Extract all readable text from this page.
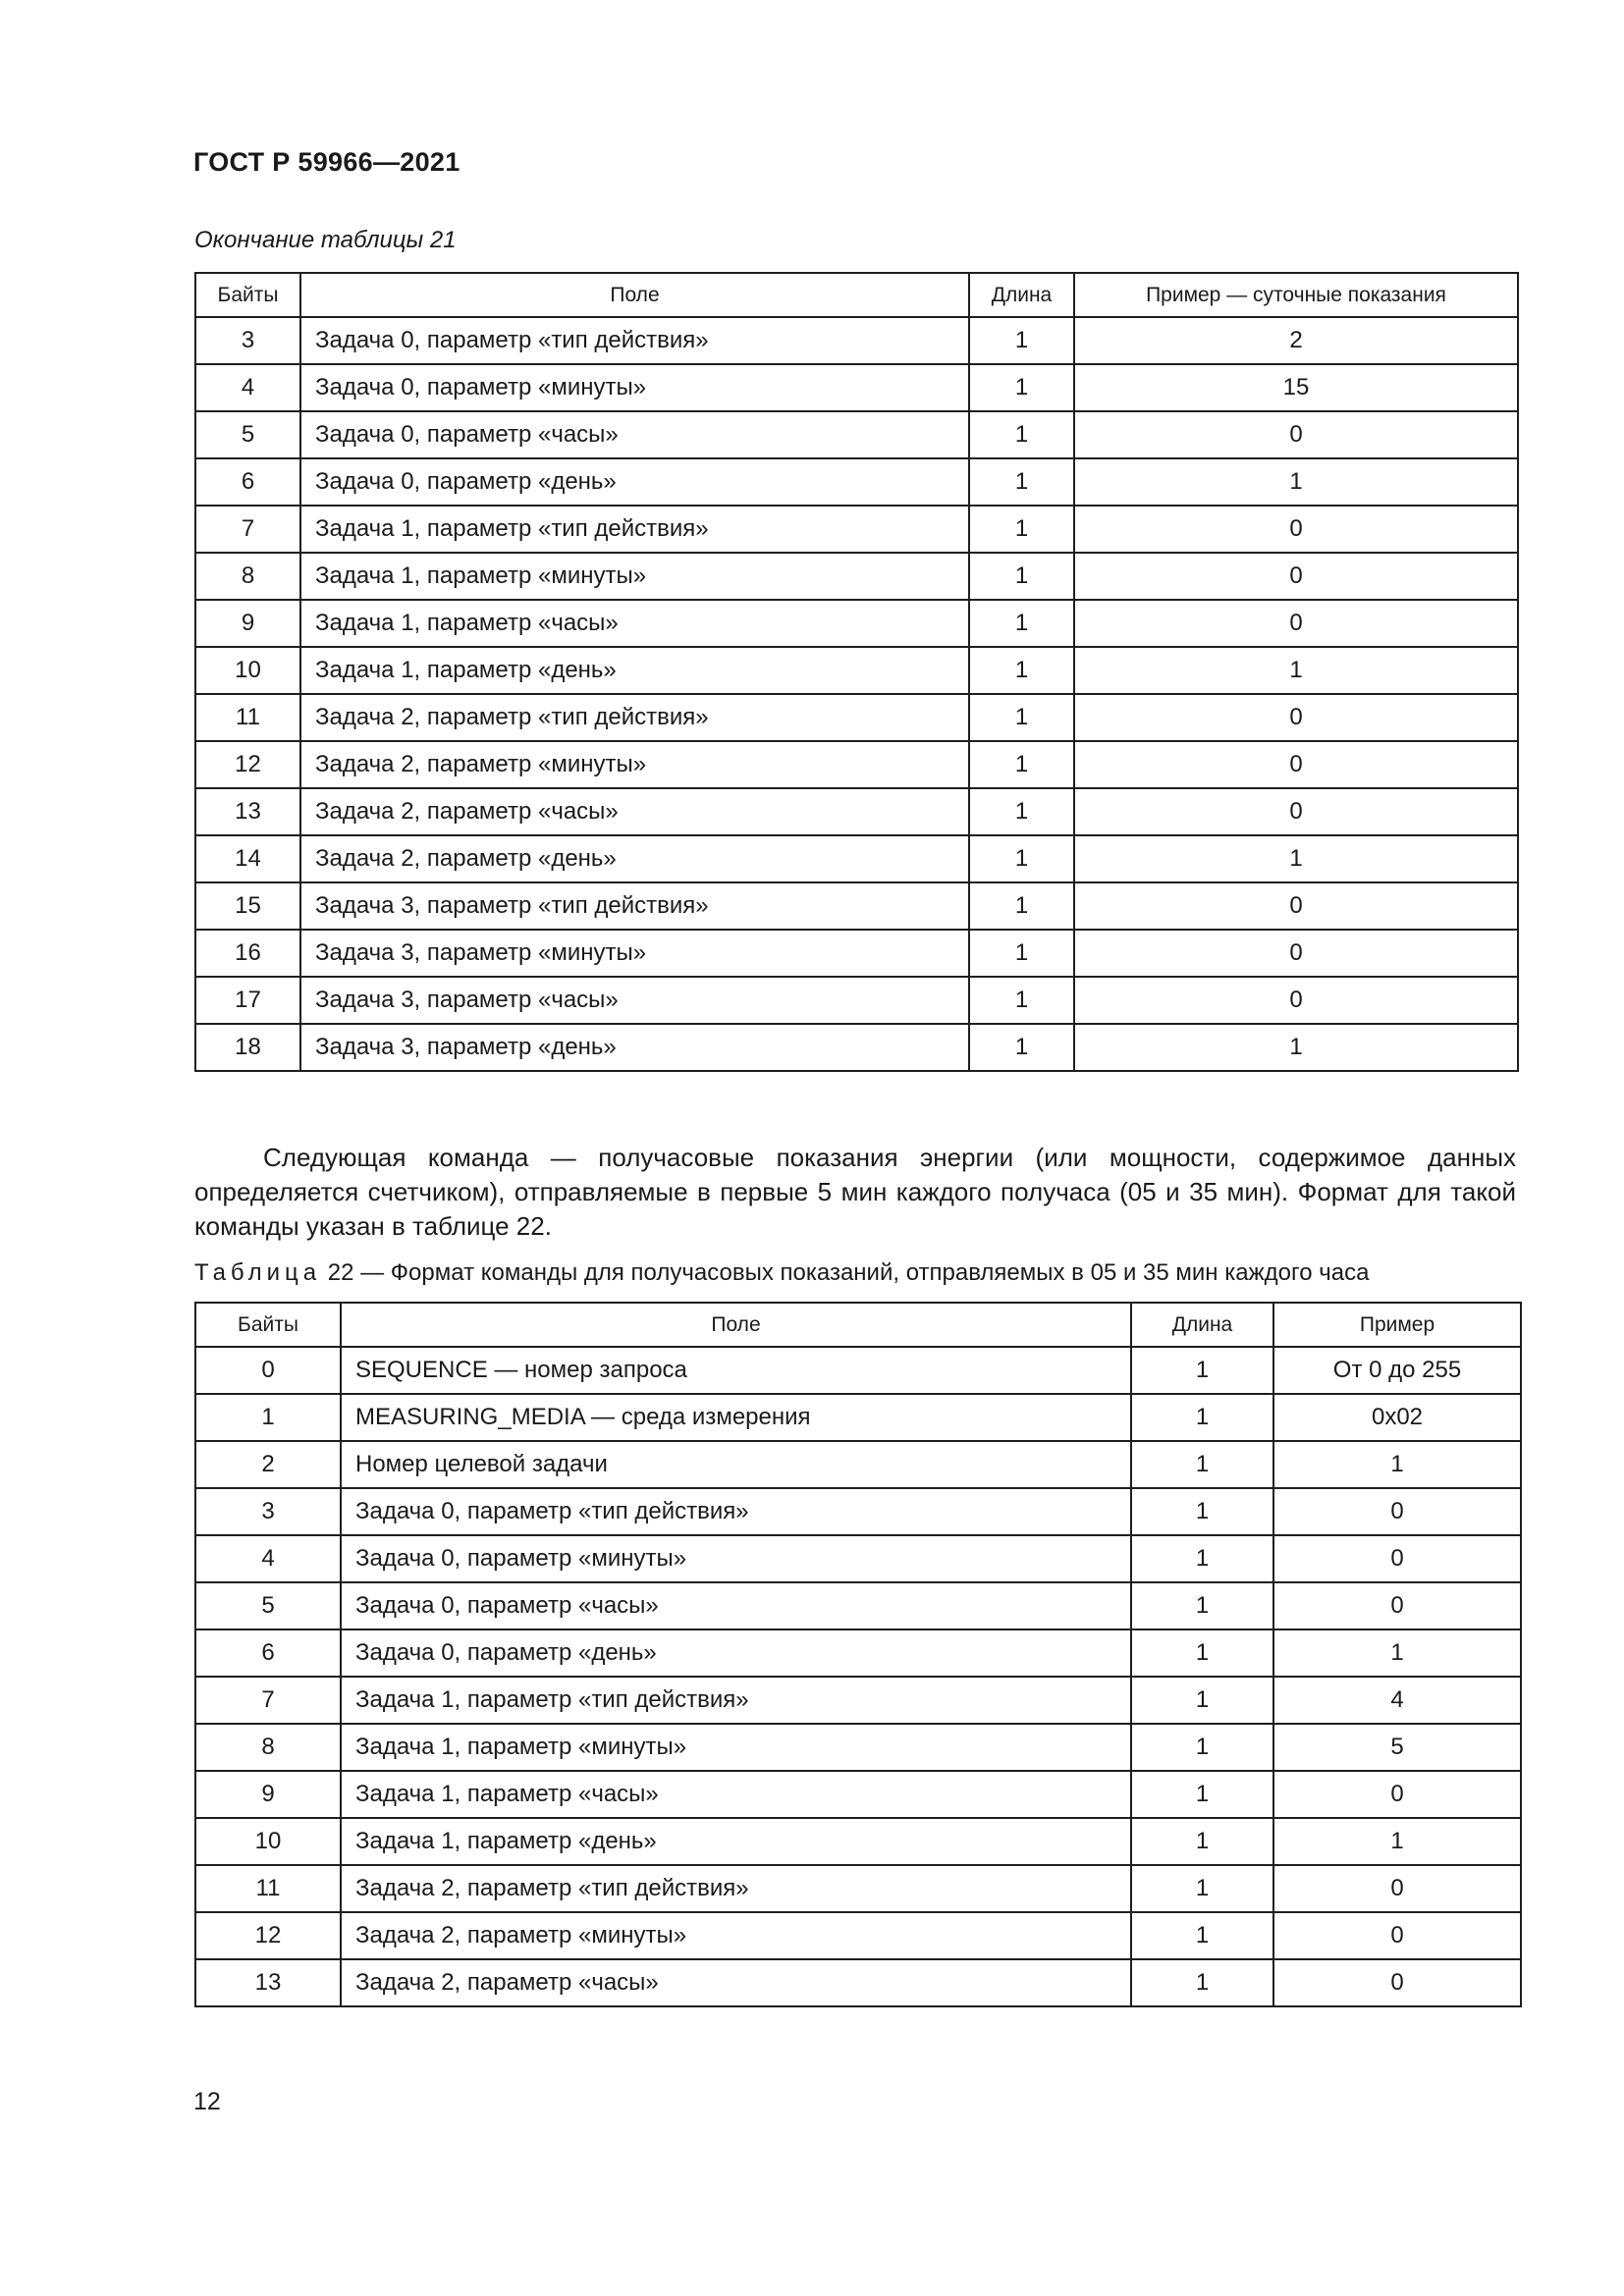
ГОСТ Р 59966—2021
Окончание таблицы 21
Байты	Поле	Длина	Пример — суточные показания
3	Задача 0, параметр «тип действия»	1	2
4	Задача 0, параметр «минуты»	1	15
5	Задача 0, параметр «часы»	1	0
6	Задача 0, параметр «день»	1	1
7	Задача 1, параметр «тип действия»	1	0
8	Задача 1, параметр «минуты»	1	0
9	Задача 1, параметр «часы»	1	0
10	Задача 1, параметр «день»	1	1
11	Задача 2, параметр «тип действия»	1	0
12	Задача 2, параметр «минуты»	1	0
13	Задача 2, параметр «часы»	1	0
14	Задача 2, параметр «день»	1	1
15	Задача 3, параметр «тип действия»	1	0
16	Задача 3, параметр «минуты»	1	0
17	Задача 3, параметр «часы»	1	0
18	Задача 3, параметр «день»	1	1
Следующая команда — получасовые показания энергии (или мощности, содержимое данных определяется счетчиком), отправляемые в первые 5 мин каждого получаса (05 и 35 мин). Формат для такой команды указан в таблице 22.
Таблица 22 — Формат команды для получасовых показаний, отправляемых в 05 и 35 мин каждого часа
Байты	Поле	Длина	Пример
0	SEQUENCE — номер запроса	1	От 0 до 255
1	MEASURING_MEDIA — среда измерения	1	0x02
2	Номер целевой задачи	1	1
3	Задача 0, параметр «тип действия»	1	0
4	Задача 0, параметр «минуты»	1	0
5	Задача 0, параметр «часы»	1	0
6	Задача 0, параметр «день»	1	1
7	Задача 1, параметр «тип действия»	1	4
8	Задача 1, параметр «минуты»	1	5
9	Задача 1, параметр «часы»	1	0
10	Задача 1, параметр «день»	1	1
11	Задача 2, параметр «тип действия»	1	0
12	Задача 2, параметр «минуты»	1	0
13	Задача 2, параметр «часы»	1	0
12
